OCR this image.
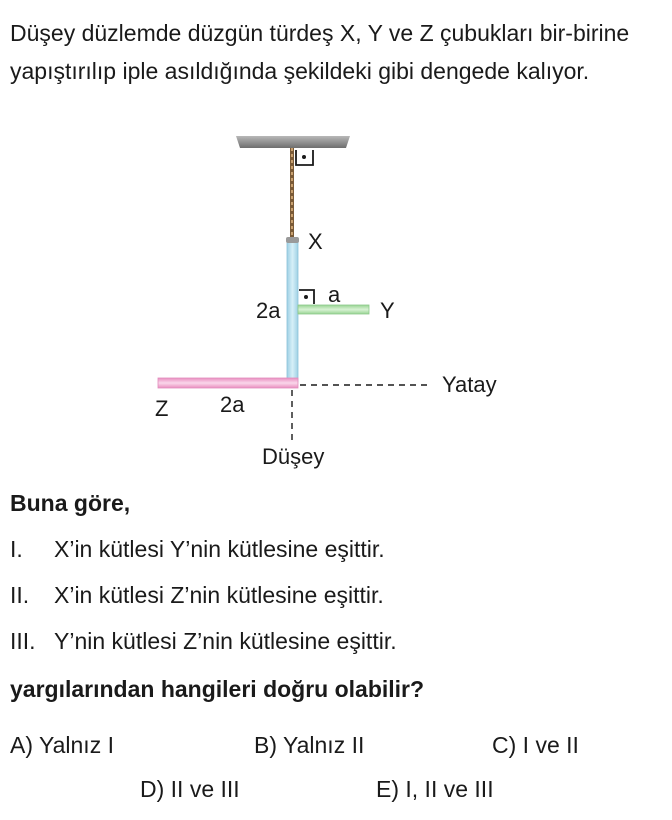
Düşey düzlemde düzgün türdeş X, Y ve Z çubukları bir-birine yapıştırılıp iple asıldığında şekildeki gibi dengede kalıyor.

X
a
Y
2a
Yatay
Z 2a
Düşey

Buna göre,

I. X’in kütlesi Y’nin kütlesine eşittir.

II. X’in kütlesi Z’nin kütlesine eşittir.

III. Y’nin kütlesi Z’nin kütlesine eşittir.

yargılarından hangileri doğru olabilir?

A) Yalnız I	B) Yalnız II	C) I ve II

D) II ve III	E) I, II ve III
